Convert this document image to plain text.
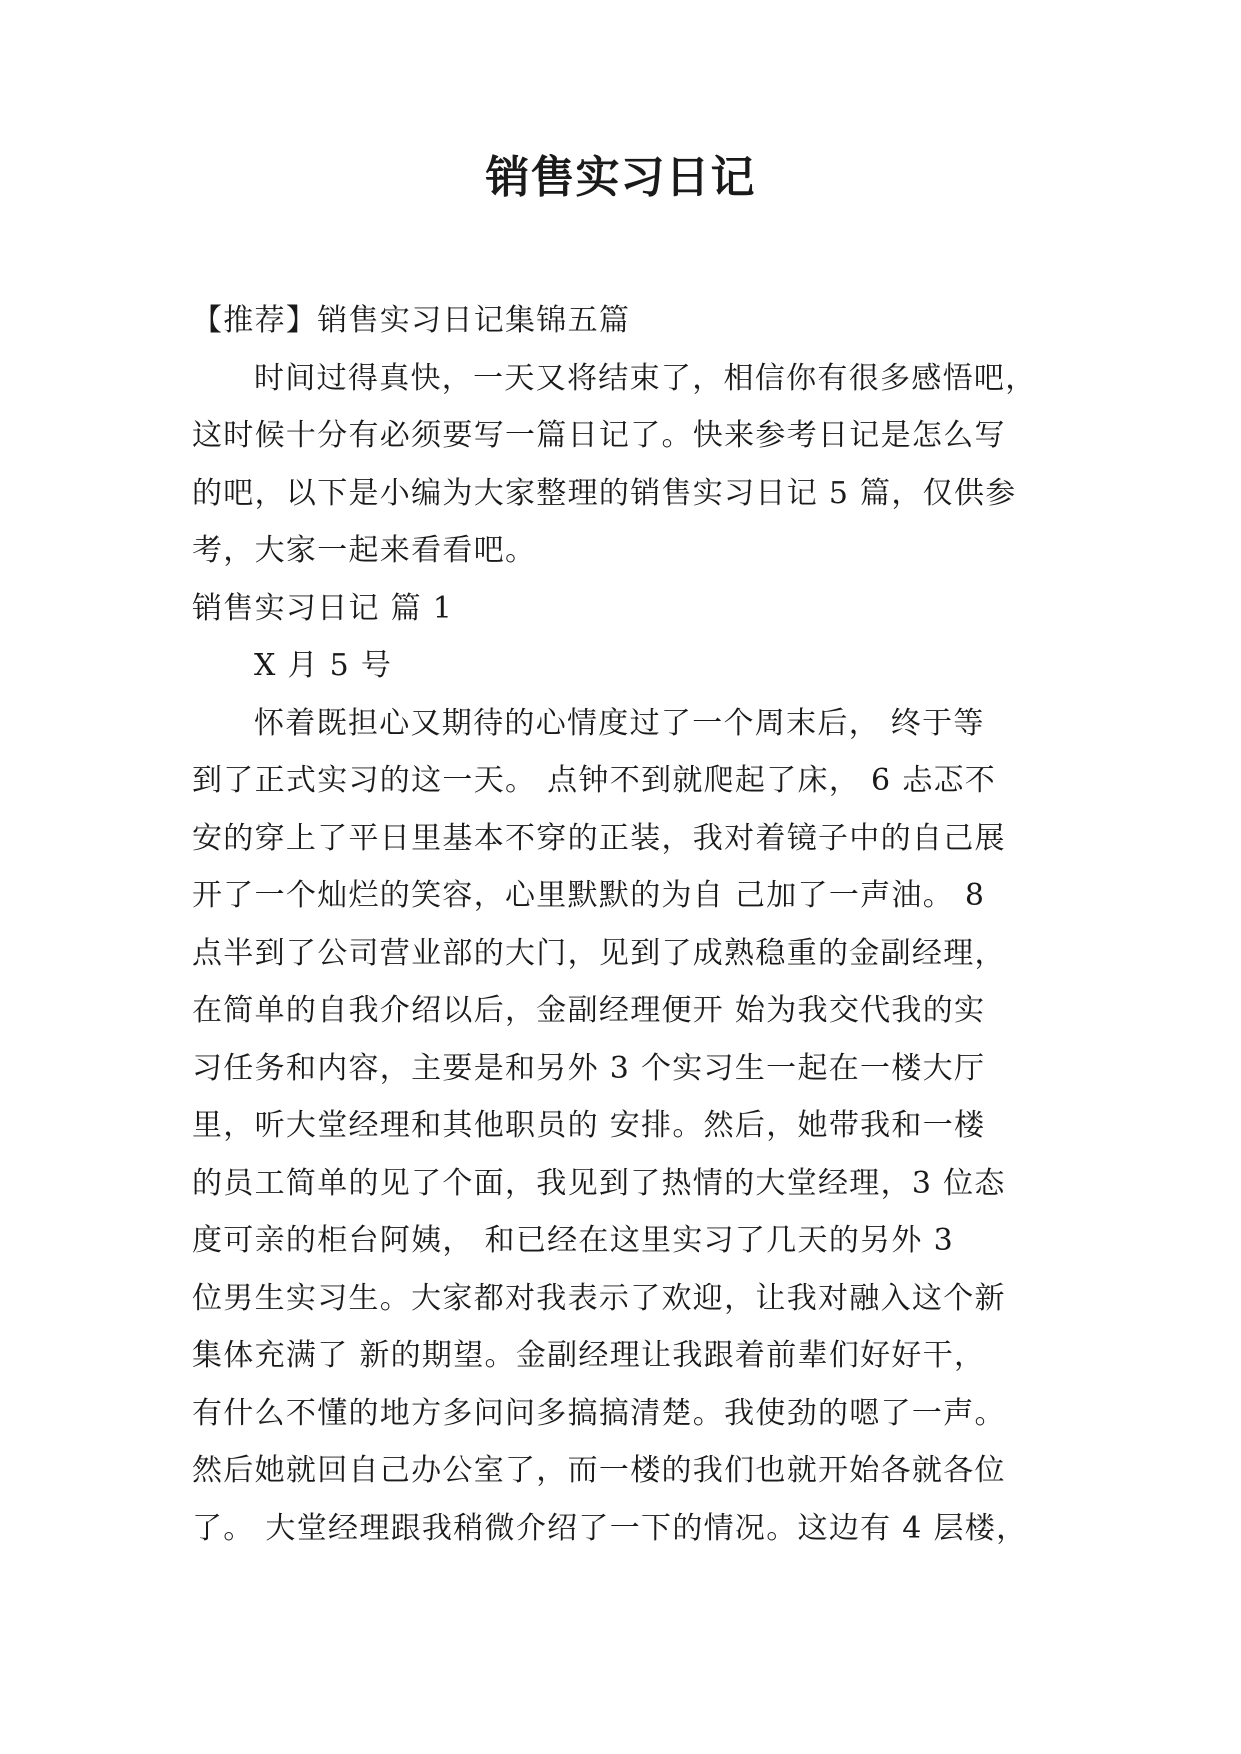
销售实习日记

【推荐】销售实习日记集锦五篇

时间过得真快，一天又将结束了，相信你有很多感悟吧，

这时候十分有必须要写一篇日记了。快来参考日记是怎么写

的吧，以下是小编为大家整理的销售实习日记 5 篇，仅供参

考，大家一起来看看吧。

销售实习日记 篇 1

X 月 5 号

怀着既担心又期待的心情度过了一个周末后， 终于等

到了正式实习的这一天。 点钟不到就爬起了床， 6 忐忑不

安的穿上了平日里基本不穿的正装，我对着镜子中的自己展

开了一个灿烂的笑容，心里默默的为自 己加了一声油。 8

点半到了公司营业部的大门，见到了成熟稳重的金副经理，

在简单的自我介绍以后，金副经理便开 始为我交代我的实

习任务和内容，主要是和另外 3 个实习生一起在一楼大厅

里，听大堂经理和其他职员的 安排。然后，她带我和一楼

的员工简单的见了个面，我见到了热情的大堂经理，3 位态

度可亲的柜台阿姨， 和已经在这里实习了几天的另外 3

位男生实习生。大家都对我表示了欢迎，让我对融入这个新

集体充满了 新的期望。金副经理让我跟着前辈们好好干，

有什么不懂的地方多问问多搞搞清楚。我使劲的嗯了一声。

然后她就回自己办公室了，而一楼的我们也就开始各就各位

了。 大堂经理跟我稍微介绍了一下的情况。这边有 4 层楼，
